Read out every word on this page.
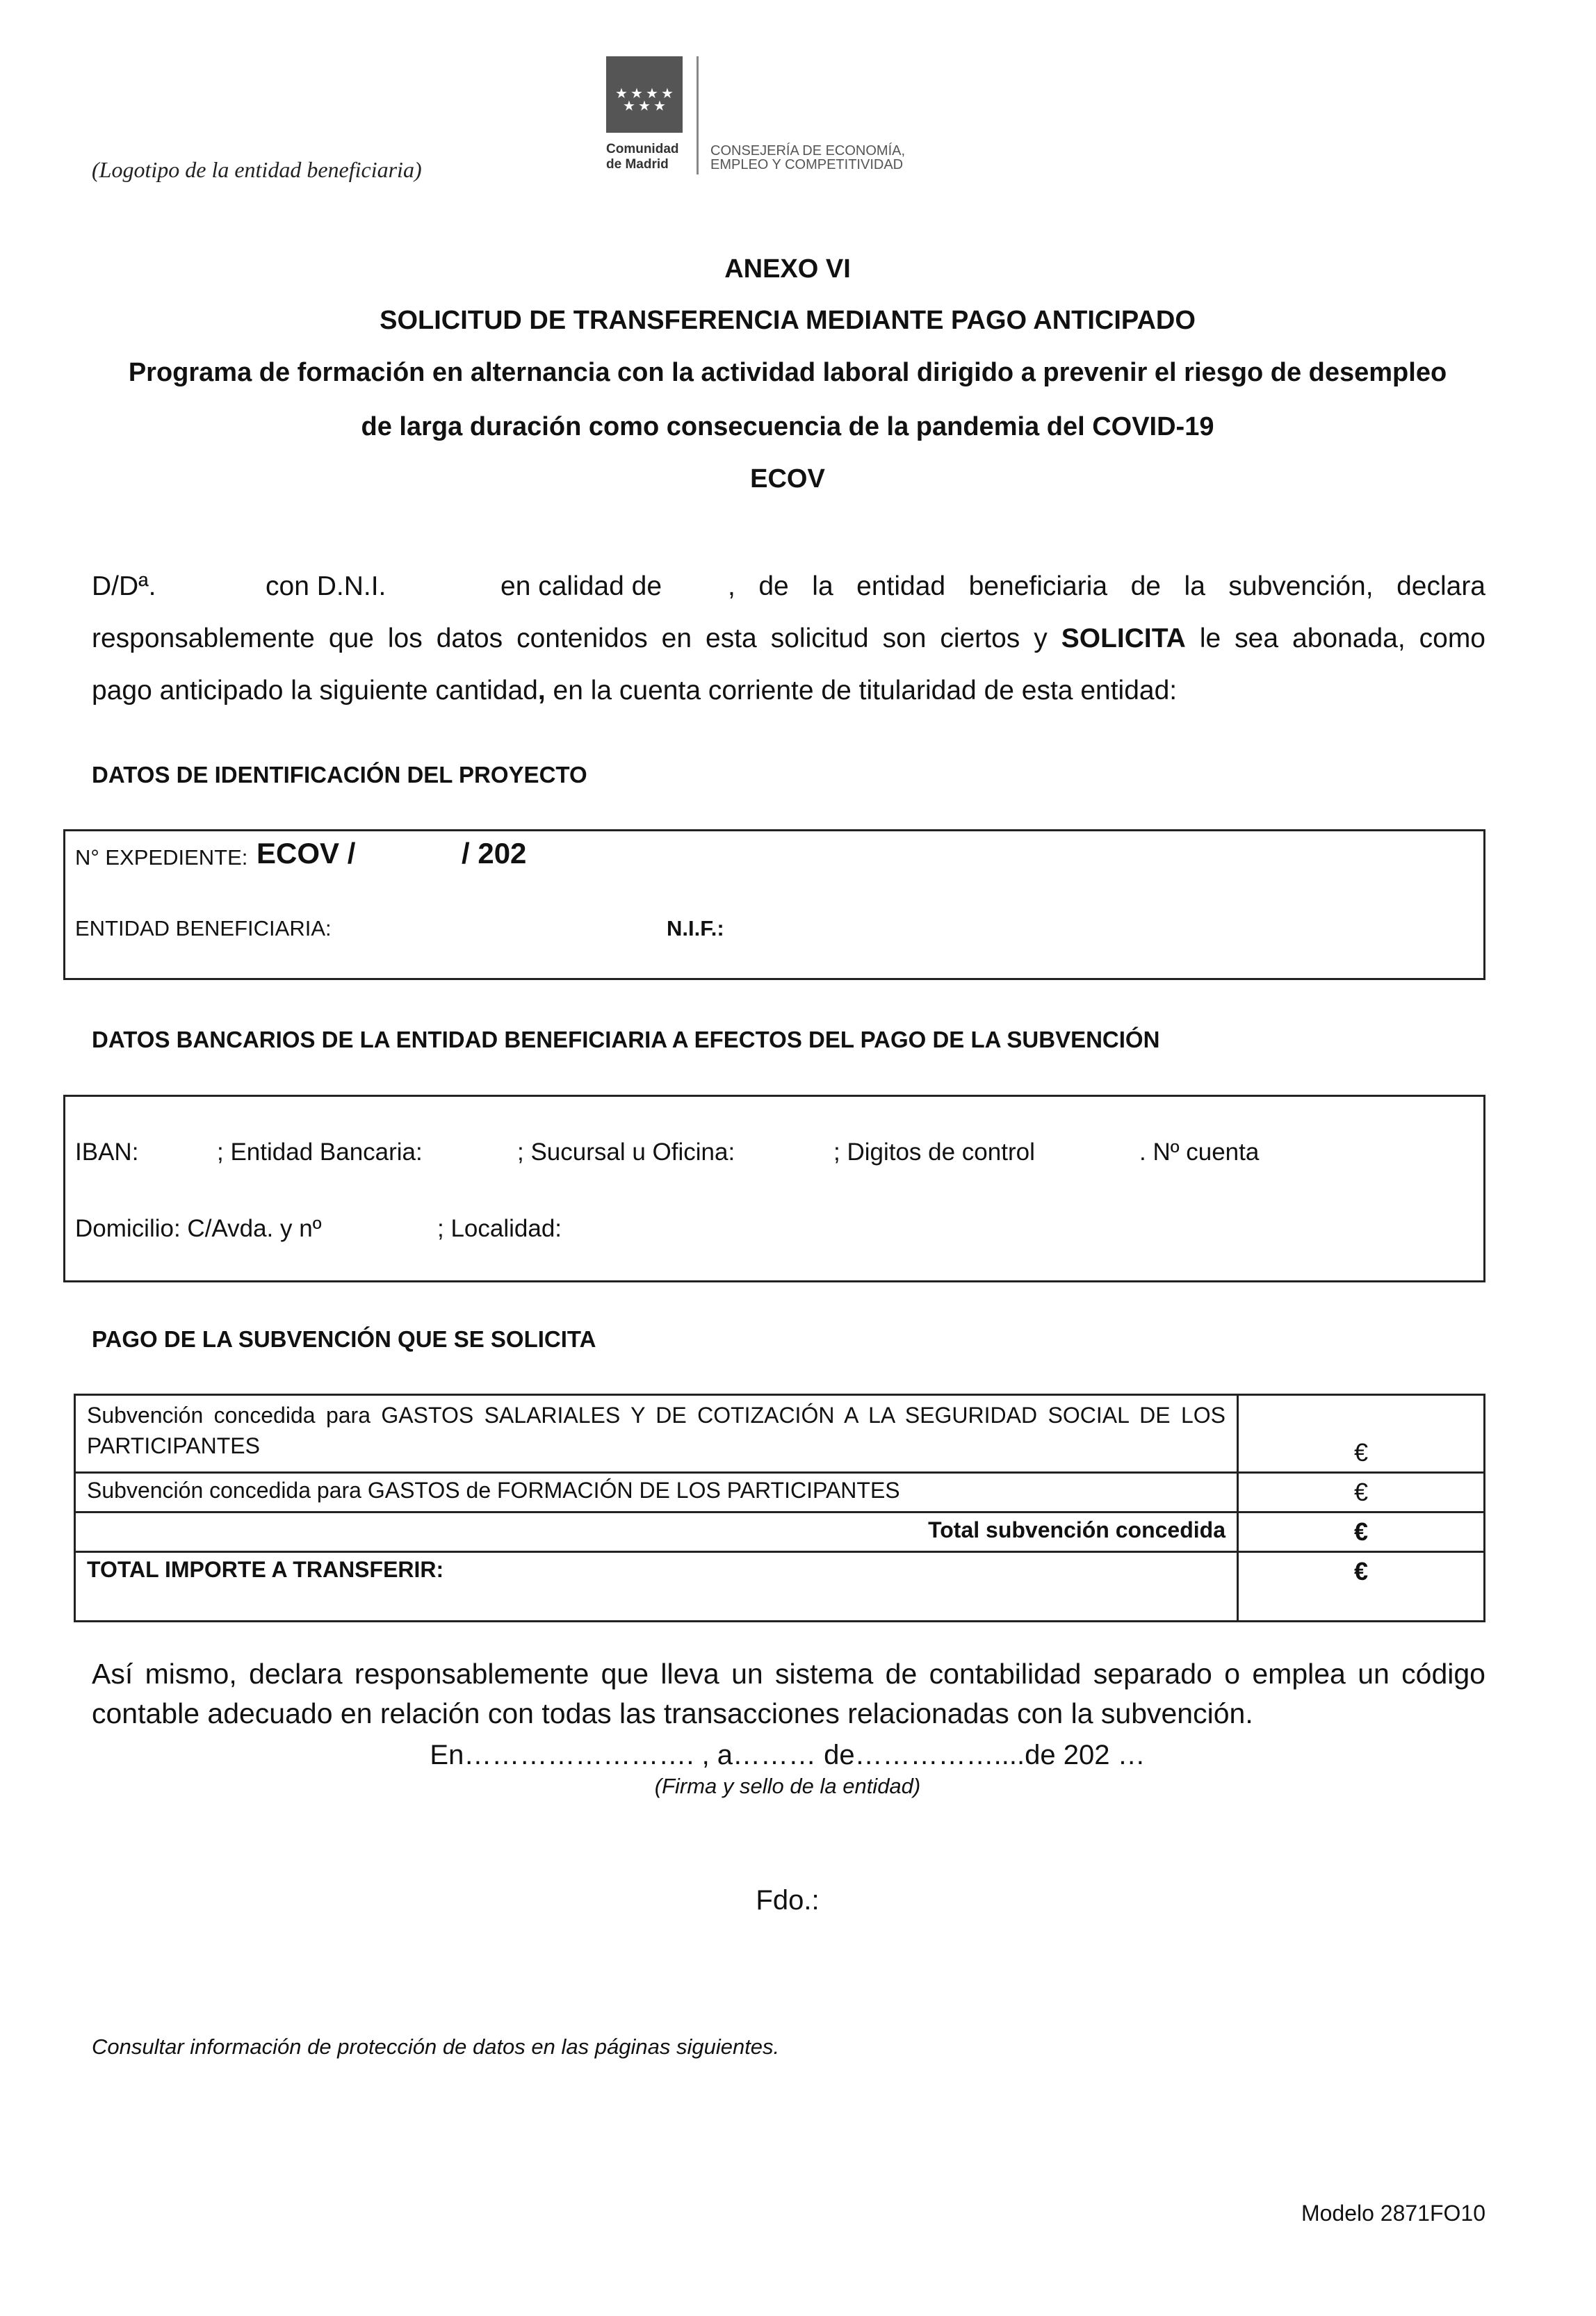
(Logotipo de la entidad beneficiaria)
★ ★ ★ ★
★ ★ ★
Comunidad
de Madrid
CONSEJERÍA DE ECONOMÍA,
EMPLEO Y COMPETITIVIDAD
ANEXO VI
SOLICITUD DE TRANSFERENCIA MEDIANTE PAGO ANTICIPADO
Programa de formación en alternancia con la actividad laboral dirigido a prevenir el riesgo de desempleo
de larga duración como consecuencia de la pandemia del COVID-19
ECOV

D/Dª.	con D.N.I.	en calidad de , de la entidad beneficiaria de la subvención, declara

responsablemente que los datos contenidos en esta solicitud son ciertos y SOLICITA le sea abonada, como

pago anticipado la siguiente cantidad, en la cuenta corriente de titularidad de esta entidad:

DATOS DE IDENTIFICACIÓN DEL PROYECTO
N° EXPEDIENTE: ECOV /	/ 202
ENTIDAD BENEFICIARIA:	N.I.F.:
DATOS BANCARIOS DE LA ENTIDAD BENEFICIARIA A EFECTOS DEL PAGO DE LA SUBVENCIÓN
IBAN:	; Entidad Bancaria:	; Sucursal u Oficina:	; Digitos de control	. Nº cuenta
Domicilio: C/Avda. y nº	; Localidad:
PAGO DE LA SUBVENCIÓN QUE SE SOLICITA
Subvención concedida para GASTOS SALARIALES Y DE COTIZACIÓN A LA SEGURIDAD SOCIAL DE LOS PARTICIPANTES	€
Subvención concedida para GASTOS de FORMACIÓN DE LOS PARTICIPANTES	€
Total subvención concedida	€
TOTAL IMPORTE A TRANSFERIR:	€
Así mismo, declara responsablemente que lleva un sistema de contabilidad separado o emplea un código contable adecuado en relación con todas las transacciones relacionadas con la subvención.
En……………………. , a……… de……………....de 202 …
(Firma y sello de la entidad)
Fdo.:
Consultar información de protección de datos en las páginas siguientes.
Modelo 2871FO10
